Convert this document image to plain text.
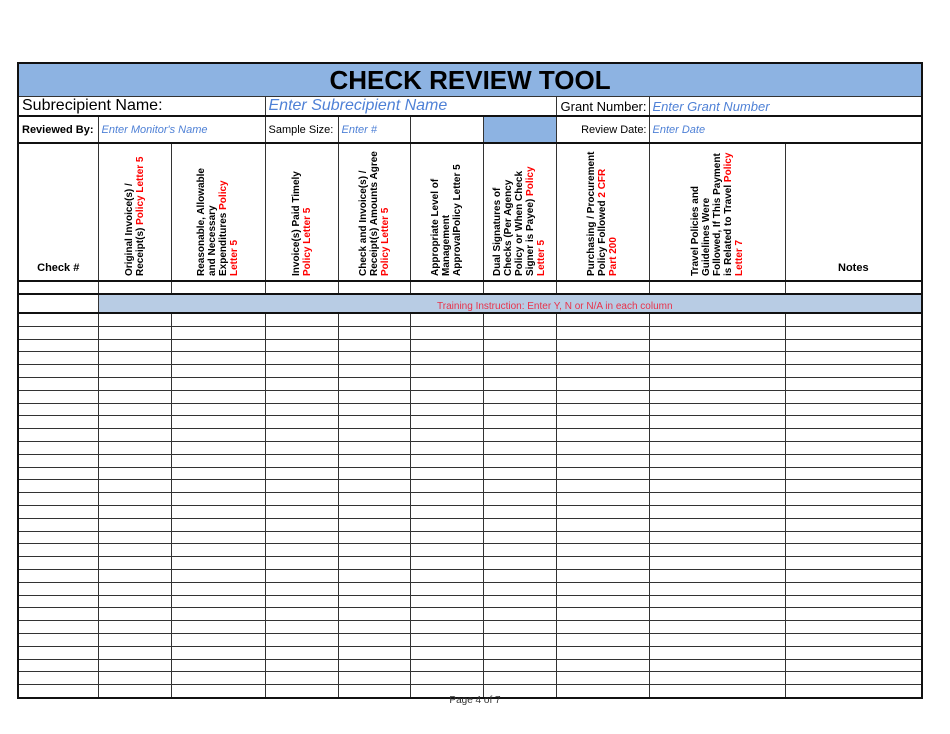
CHECK REVIEW TOOL									
Subrecipient Name:			Enter Subrecipient Name				Grant Number:	Enter Grant Number	
Reviewed By:	Enter Monitor's Name		Sample Size:	Enter #			Review Date:	Enter Date	
Check #	Original Invoice(s) / Receipt(s) Policy Letter 5	Reasonable, Allowable and Necessary Expenditures Policy Letter 5	Invoice(s) Paid Timely Policy Letter 5	Check and Invoice(s) / Receipt(s) Amounts Agree Policy Letter 5	Appropriate Level of Management ApprovalPolicy Letter 5	Dual Signatures of Checks (Per Agency Policy or When Check Signer is Payee) Policy Letter 5	Purchasing / Procurement Policy Followed 2 CFR Part 200	Travel Policies and Guidelines Were Followed, If This Payment is Related to Travel Policy Letter 7	Notes

	Training Instruction: Enter Y, N or N/A in each column								

Page 4 of 7
